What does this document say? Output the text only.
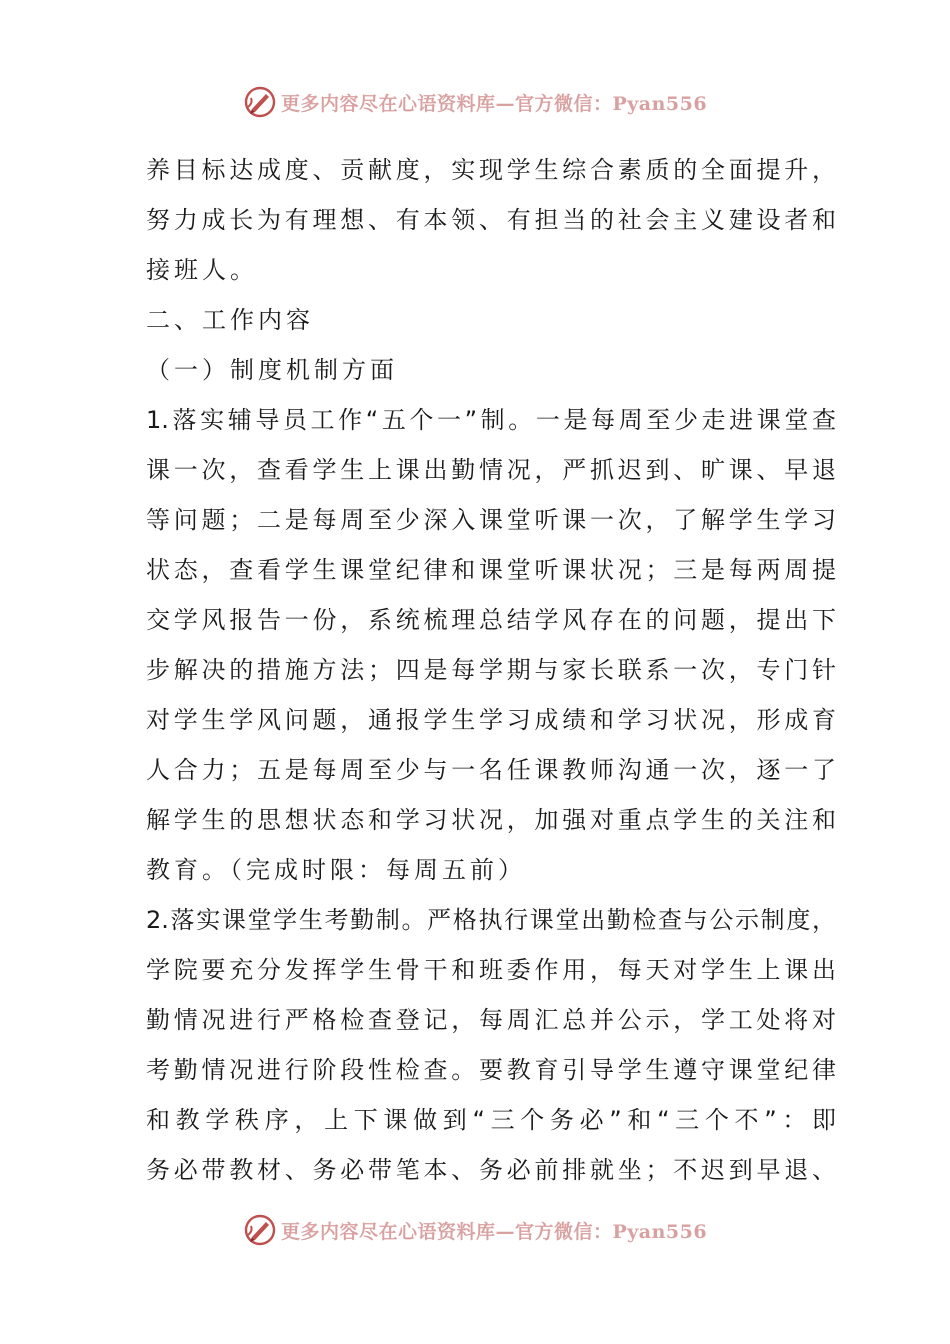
更多内容尽在心语资料库—官方微信：Pyan556
养目标达成度、贡献度，实现学生综合素质的全面提升，
努力成长为有理想、有本领、有担当的社会主义建设者和
接班人。
二、工作内容
（一）制度机制方面
1.落实辅导员工作“五个一”制。一是每周至少走进课堂查
课一次，查看学生上课出勤情况，严抓迟到、旷课、早退
等问题；二是每周至少深入课堂听课一次，了解学生学习
状态，查看学生课堂纪律和课堂听课状况；三是每两周提
交学风报告一份，系统梳理总结学风存在的问题，提出下
步解决的措施方法；四是每学期与家长联系一次，专门针
对学生学风问题，通报学生学习成绩和学习状况，形成育
人合力；五是每周至少与一名任课教师沟通一次，逐一了
解学生的思想状态和学习状况，加强对重点学生的关注和
教育。（完成时限：每周五前）
2.落实课堂学生考勤制。严格执行课堂出勤检查与公示制度，
学院要充分发挥学生骨干和班委作用，每天对学生上课出
勤情况进行严格检查登记，每周汇总并公示，学工处将对
考勤情况进行阶段性检查。要教育引导学生遵守课堂纪律
和教学秩序，上下课做到“三个务必”和“三个不”：即
务必带教材、务必带笔本、务必前排就坐；不迟到早退、
更多内容尽在心语资料库—官方微信：Pyan556
